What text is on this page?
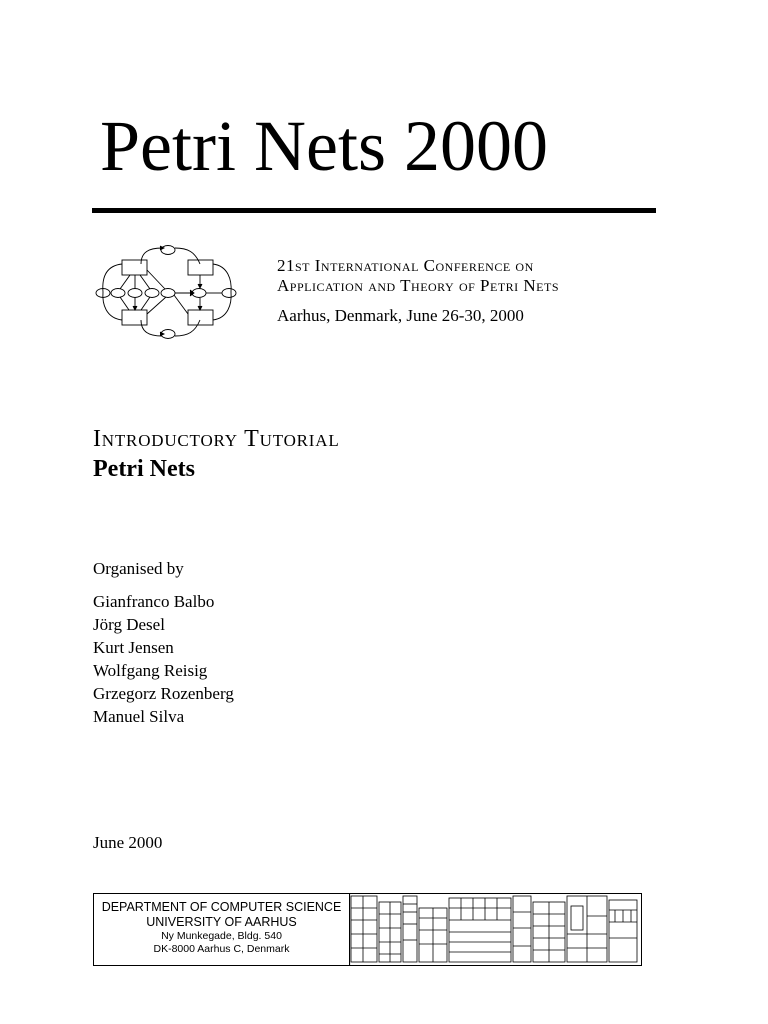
Petri Nets 2000
21st International Conference on
Application and Theory of Petri Nets
Aarhus, Denmark, June 26-30, 2000
Introductory Tutorial
Petri Nets
Organised by
Gianfranco Balbo
Jörg Desel
Kurt Jensen
Wolfgang Reisig
Grzegorz Rozenberg
Manuel Silva
June 2000
DEPARTMENT OF COMPUTER SCIENCE
UNIVERSITY OF AARHUS
Ny Munkegade, Bldg. 540
DK-8000 Aarhus C, Denmark
